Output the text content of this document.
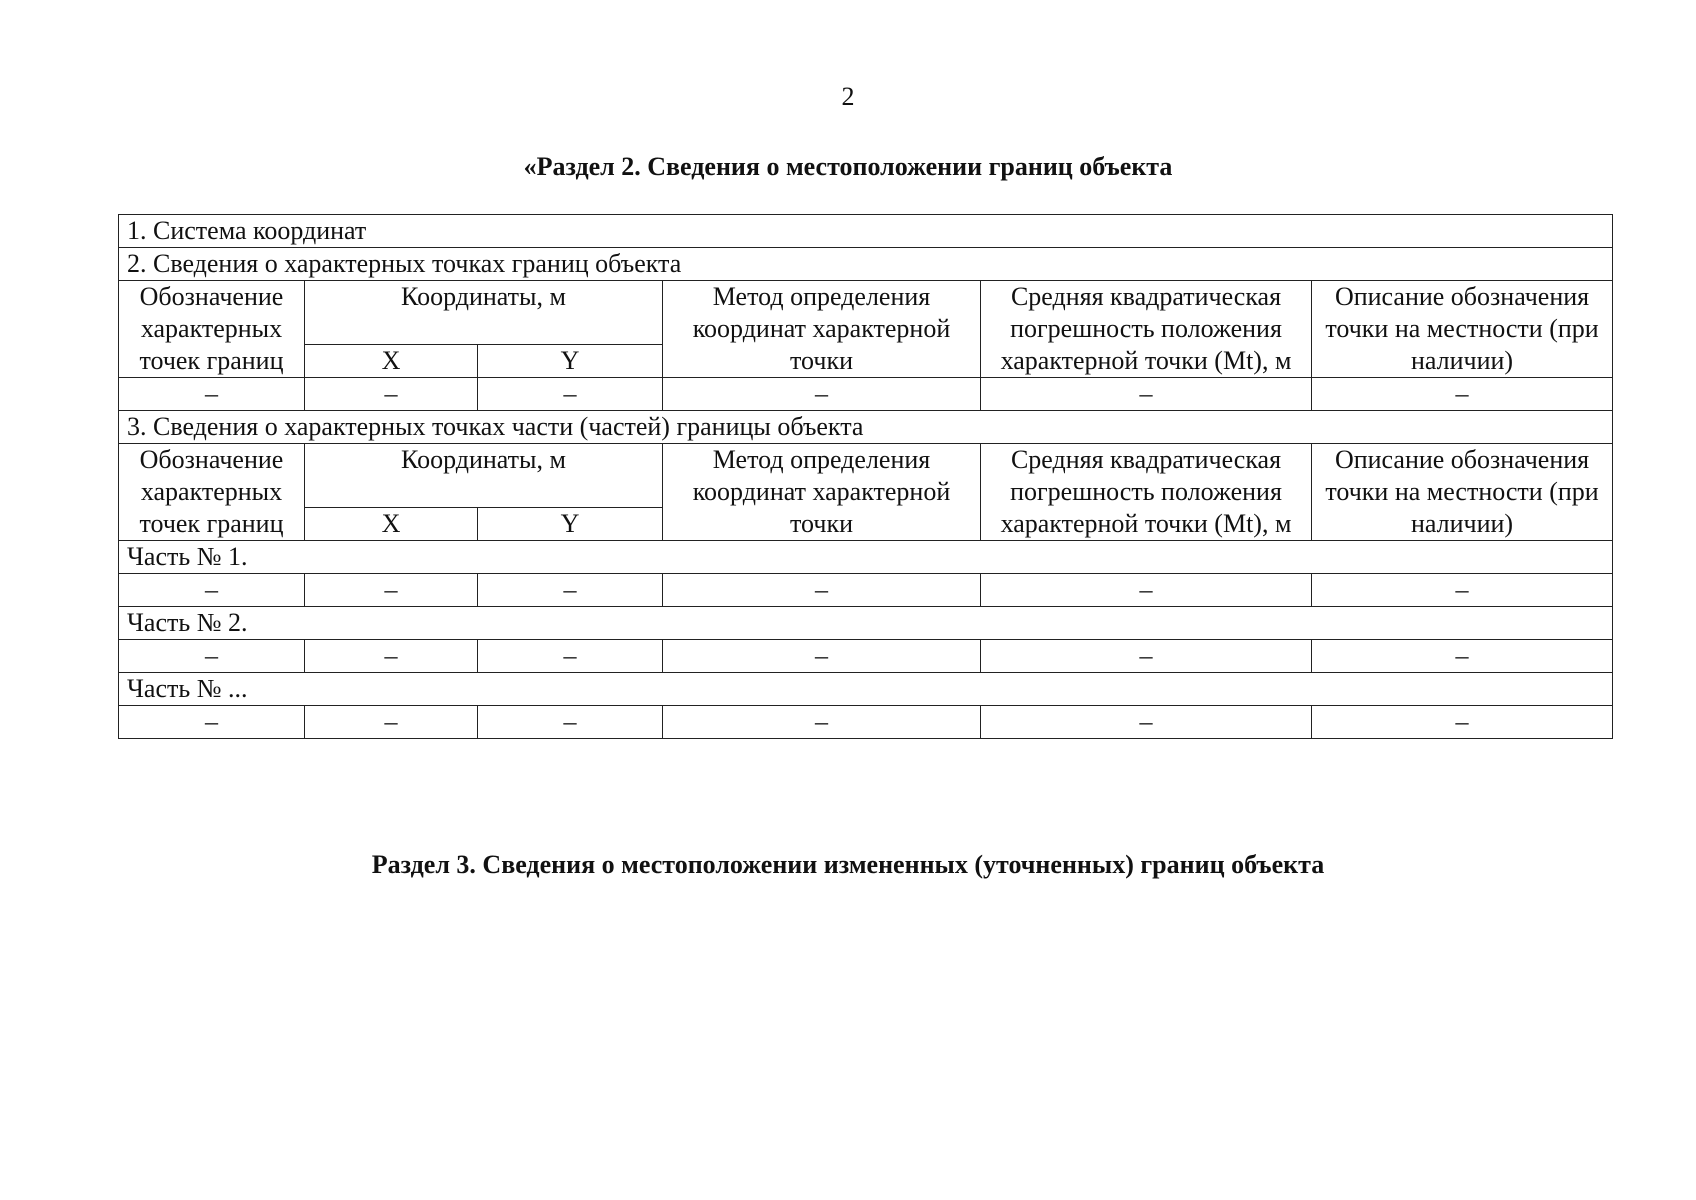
2
«Раздел 2. Сведения о местоположении границ объекта
1. Система координат					
2. Сведения о характерных точках границ объекта					
Обозначение характерных точек границ	Координаты, м		Метод определения координат характерной точки	Средняя квадратическая погрешность положения характерной точки (Mt), м	Описание обозначения точки на местности (при наличии)
	X	Y			
–	–	–	–	–	–
3. Сведения о характерных точках части (частей) границы объекта					
Обозначение характерных точек границ	Координаты, м		Метод определения координат характерной точки	Средняя квадратическая погрешность положения характерной точки (Mt), м	Описание обозначения точки на местности (при наличии)
	X	Y			
Часть № 1.					
–	–	–	–	–	–
Часть № 2.					
–	–	–	–	–	–
Часть № ...					
–	–	–	–	–	–
Раздел 3. Сведения о местоположении измененных (уточненных) границ объекта
